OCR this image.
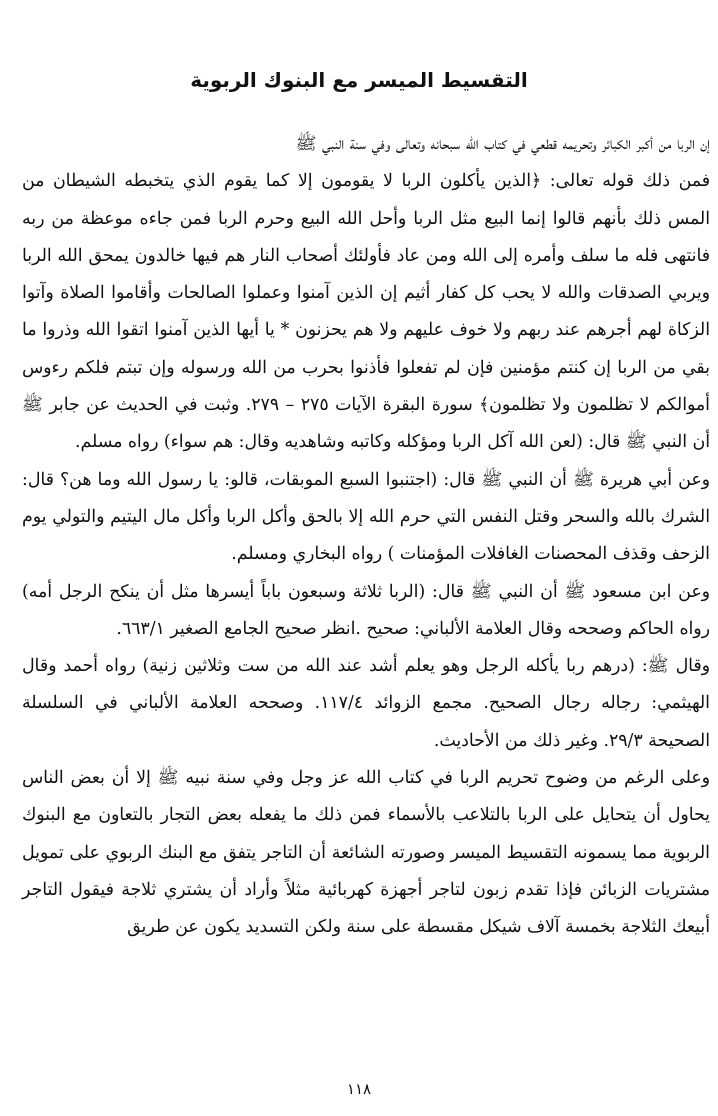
التقسيط الميسر مع البنوك الربوية

إن الربا من أكبر الكبائر وتحريمه قطعي في كتاب الله سبحانه وتعالى وفي سنة النبي ﷺ

فمن ذلك قوله تعالى: ﴿الذين يأكلون الربا لا يقومون إلا كما يقوم الذي يتخبطه الشيطان من المس ذلك بأنهم قالوا إنما البيع مثل الربا وأحل الله البيع وحرم الربا فمن جاءه موعظة من ربه فانتهى فله ما سلف وأمره إلى الله ومن عاد فأولئك أصحاب النار هم فيها خالدون يمحق الله الربا ويربي الصدقات والله لا يحب كل كفار أثيم إن الذين آمنوا وعملوا الصالحات وأقاموا الصلاة وآتوا الزكاة لهم أجرهم عند ربهم ولا خوف عليهم ولا هم يحزنون * يا أيها الذين آمنوا اتقوا الله وذروا ما بقي من الربا إن كنتم مؤمنين فإن لم تفعلوا فأذنوا بحرب من الله ورسوله وإن تبتم فلكم رءوس أموالكم لا تظلمون ولا تظلمون﴾ سورة البقرة الآيات ٢٧٥ – ٢٧٩. وثبت في الحديث عن جابر ﷺ أن النبي ﷺ قال: (لعن الله آكل الربا ومؤكله وكاتبه وشاهديه وقال: هم سواء) رواه مسلم.

وعن أبي هريرة ﷺ أن النبي ﷺ قال: (اجتنبوا السبع الموبقات، قالو: يا رسول الله وما هن؟ قال: الشرك بالله والسحر وقتل النفس التي حرم الله إلا بالحق وأكل الربا وأكل مال اليتيم والتولي يوم الزحف وقذف المحصنات الغافلات المؤمنات ) رواه البخاري ومسلم.

وعن ابن مسعود ﷺ أن النبي ﷺ قال: (الربا ثلاثة وسبعون باباً أيسرها مثل أن ينكح الرجل أمه) رواه الحاكم وصححه وقال العلامة الألباني: صحيح .انظر صحيح الجامع الصغير ٦٦٣/١.

وقال ﷺ: (درهم ربا يأكله الرجل وهو يعلم أشد عند الله من ست وثلاثين زنية) رواه أحمد وقال الهيثمي: رجاله رجال الصحيح. مجمع الزوائد ١١٧/٤. وصححه العلامة الألباني في السلسلة الصحيحة ٢٩/٣. وغير ذلك من الأحاديث.

وعلى الرغم من وضوح تحريم الربا في كتاب الله عز وجل وفي سنة نبيه ﷺ إلا أن بعض الناس يحاول أن يتحايل على الربا بالتلاعب بالأسماء فمن ذلك ما يفعله بعض التجار بالتعاون مع البنوك الربوية مما يسمونه التقسيط الميسر وصورته الشائعة أن التاجر يتفق مع البنك الربوي على تمويل مشتريات الزبائن فإذا تقدم زبون لتاجر أجهزة كهربائية مثلاً وأراد أن يشتري ثلاجة فيقول التاجر أبيعك الثلاجة بخمسة آلاف شيكل مقسطة على سنة ولكن التسديد يكون عن طريق

١١٨
